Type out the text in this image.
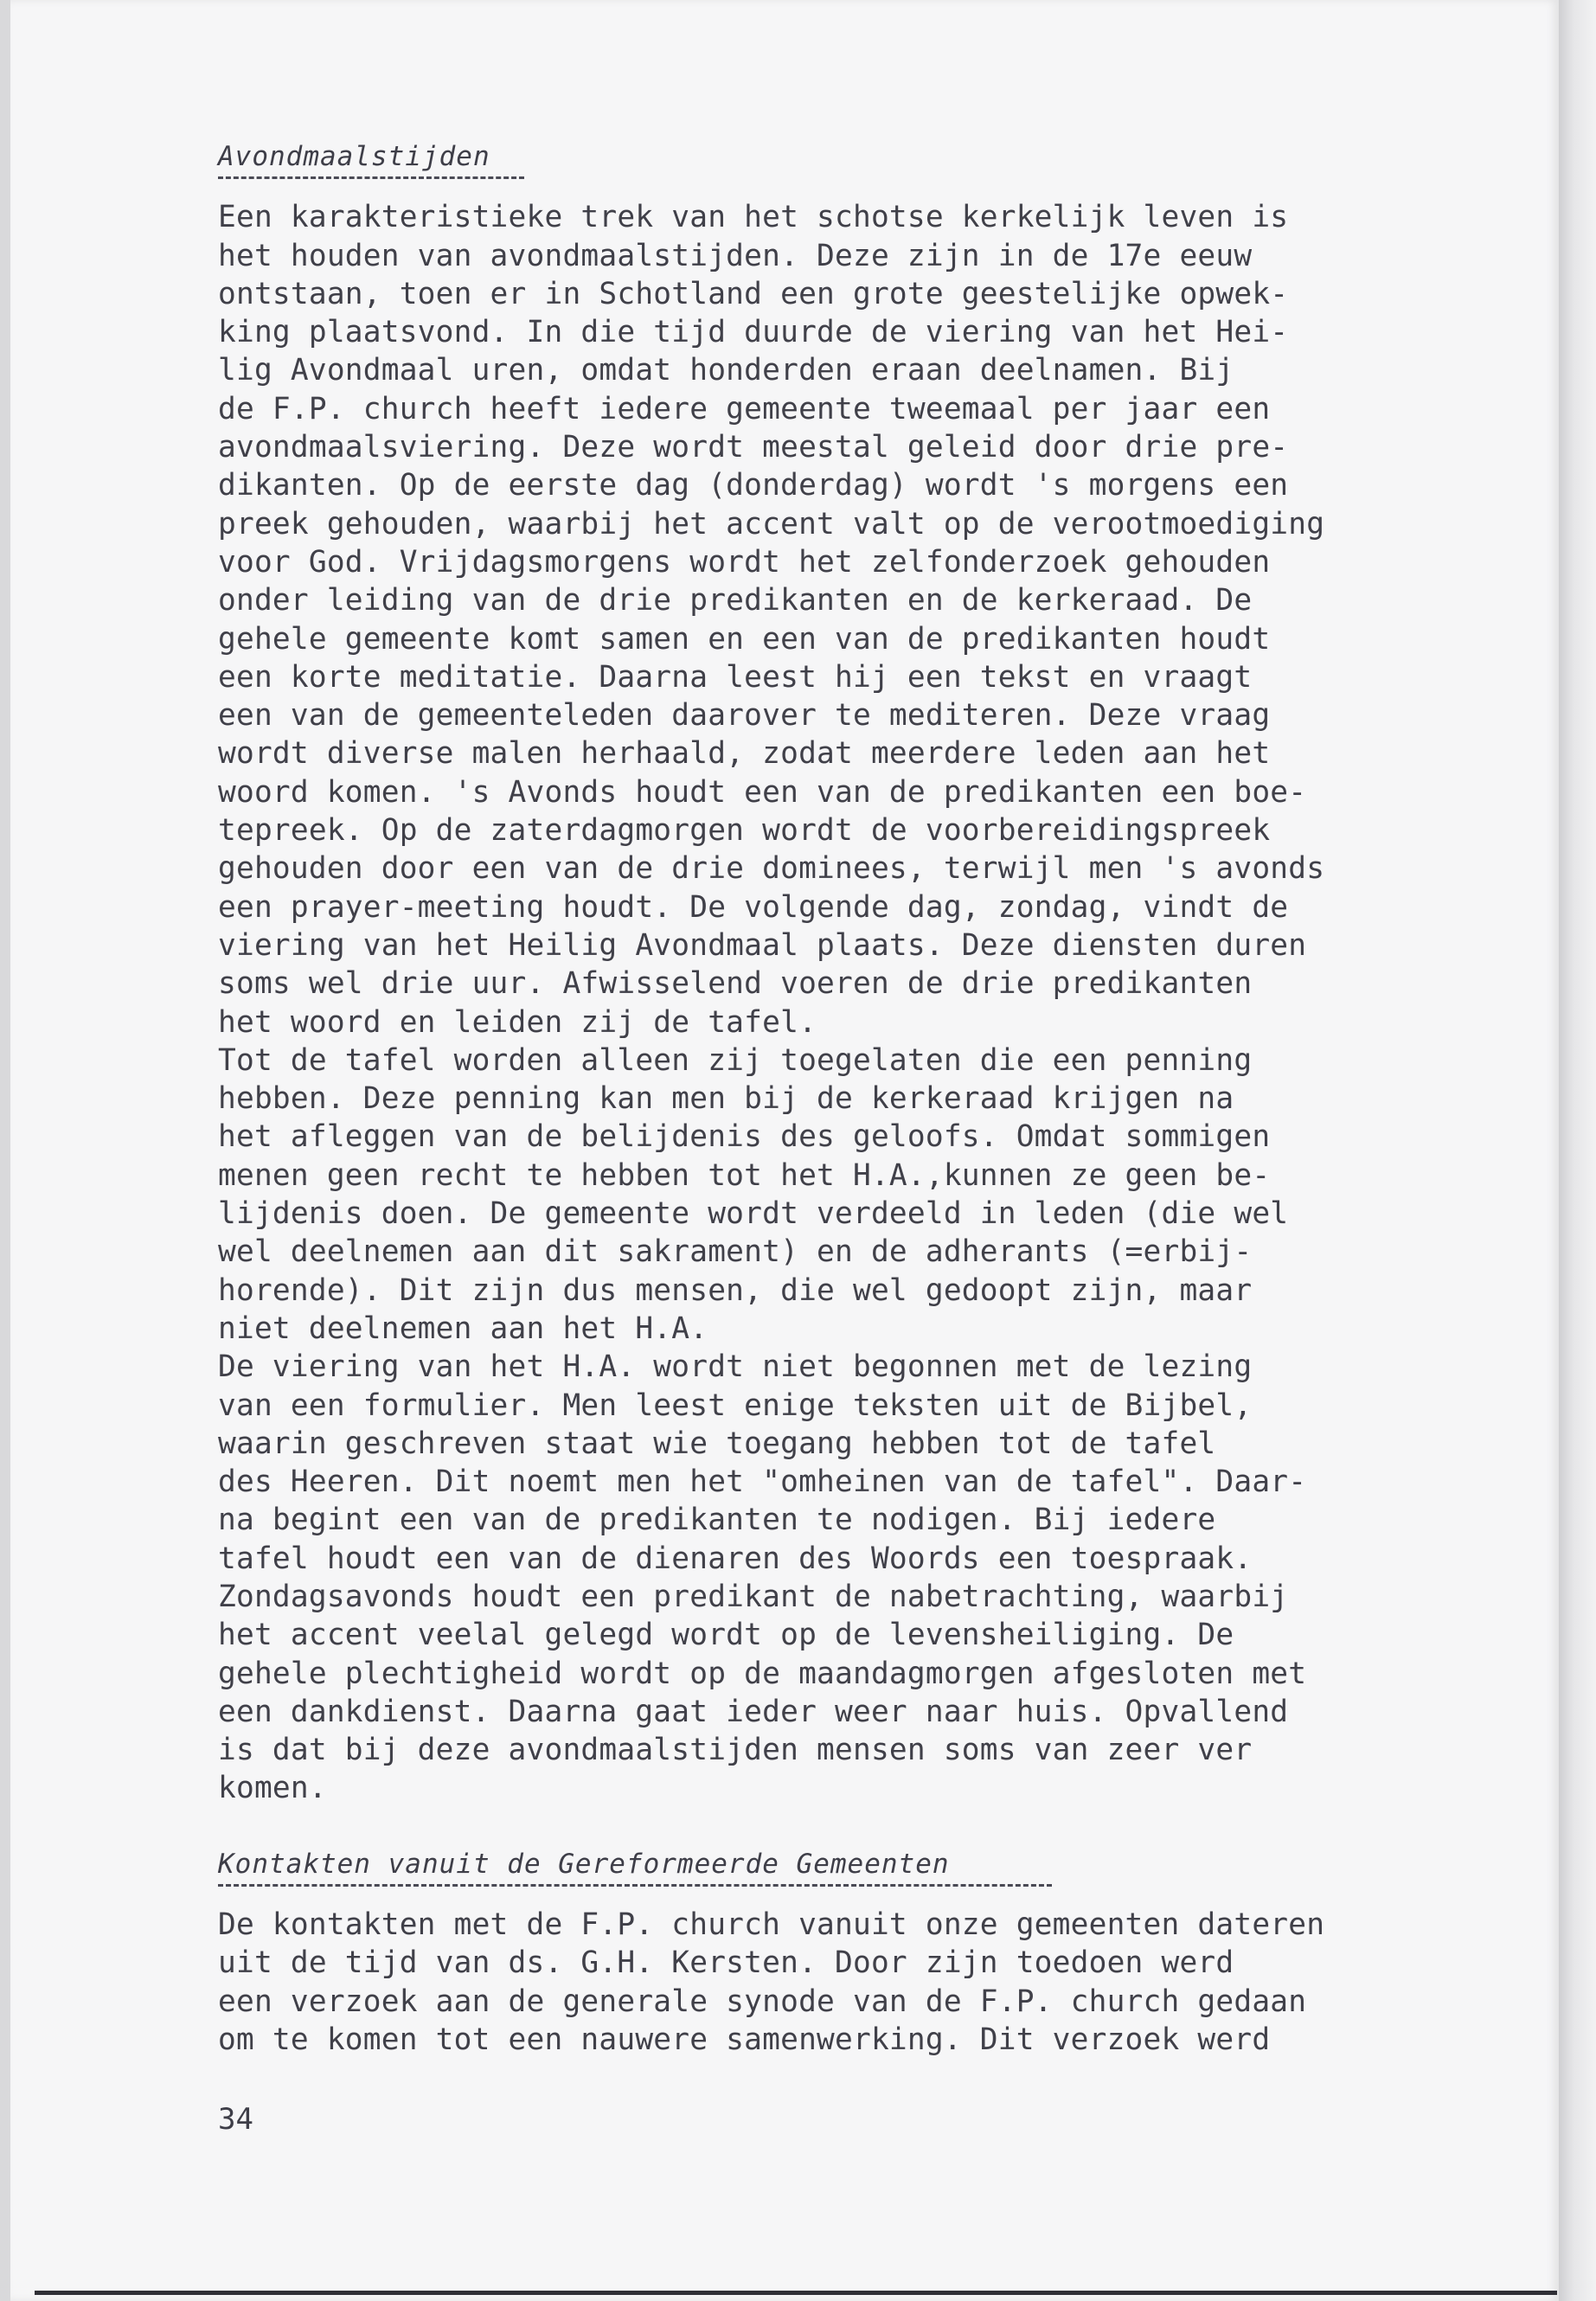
Avondmaalstijden
Een karakteristieke trek van het schotse kerkelijk leven is
het houden van avondmaalstijden. Deze zijn in de 17e eeuw
ontstaan, toen er in Schotland een grote geestelijke opwek-
king plaatsvond. In die tijd duurde de viering van het Hei-
lig Avondmaal uren, omdat honderden eraan deelnamen. Bij
de F.P. church heeft iedere gemeente tweemaal per jaar een
avondmaalsviering. Deze wordt meestal geleid door drie pre-
dikanten. Op de eerste dag (donderdag) wordt 's morgens een
preek gehouden, waarbij het accent valt op de verootmoediging
voor God. Vrijdagsmorgens wordt het zelfonderzoek gehouden
onder leiding van de drie predikanten en de kerkeraad. De
gehele gemeente komt samen en een van de predikanten houdt
een korte meditatie. Daarna leest hij een tekst en vraagt
een van de gemeenteleden daarover te mediteren. Deze vraag
wordt diverse malen herhaald, zodat meerdere leden aan het
woord komen. 's Avonds houdt een van de predikanten een boe-
tepreek. Op de zaterdagmorgen wordt de voorbereidingspreek
gehouden door een van de drie dominees, terwijl men 's avonds
een prayer-meeting houdt. De volgende dag, zondag, vindt de
viering van het Heilig Avondmaal plaats. Deze diensten duren
soms wel drie uur. Afwisselend voeren de drie predikanten
het woord en leiden zij de tafel.
Tot de tafel worden alleen zij toegelaten die een penning
hebben. Deze penning kan men bij de kerkeraad krijgen na
het afleggen van de belijdenis des geloofs. Omdat sommigen
menen geen recht te hebben tot het H.A.,kunnen ze geen be-
lijdenis doen. De gemeente wordt verdeeld in leden (die wel
wel deelnemen aan dit sakrament) en de adherants (=erbij-
horende). Dit zijn dus mensen, die wel gedoopt zijn, maar
niet deelnemen aan het H.A.
De viering van het H.A. wordt niet begonnen met de lezing
van een formulier. Men leest enige teksten uit de Bijbel,
waarin geschreven staat wie toegang hebben tot de tafel
des Heeren. Dit noemt men het "omheinen van de tafel". Daar-
na begint een van de predikanten te nodigen. Bij iedere
tafel houdt een van de dienaren des Woords een toespraak.
Zondagsavonds houdt een predikant de nabetrachting, waarbij
het accent veelal gelegd wordt op de levensheiliging. De
gehele plechtigheid wordt op de maandagmorgen afgesloten met
een dankdienst. Daarna gaat ieder weer naar huis. Opvallend
is dat bij deze avondmaalstijden mensen soms van zeer ver
komen.
Kontakten vanuit de Gereformeerde Gemeenten
De kontakten met de F.P. church vanuit onze gemeenten dateren
uit de tijd van ds. G.H. Kersten. Door zijn toedoen werd
een verzoek aan de generale synode van de F.P. church gedaan
om te komen tot een nauwere samenwerking. Dit verzoek werd
34
